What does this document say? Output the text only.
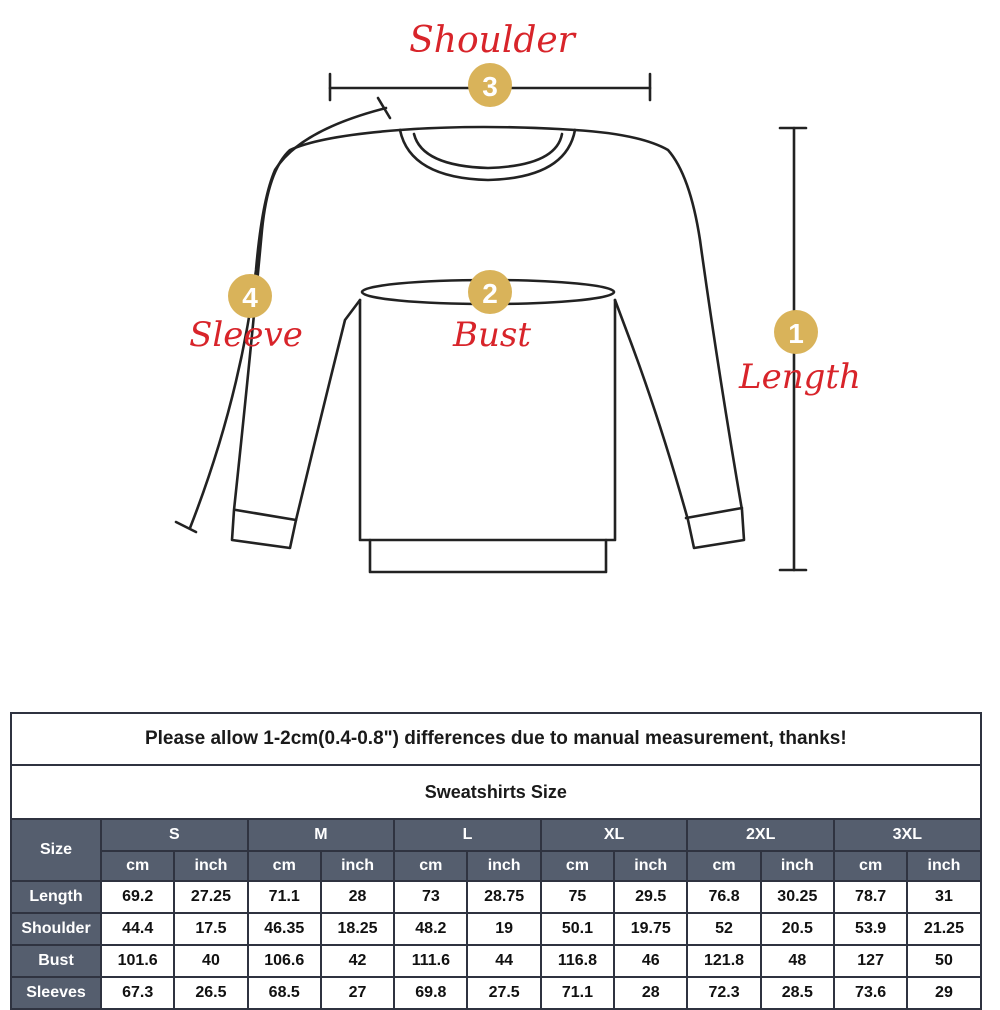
3
2
4
1
Shoulder
Bust
Sleeve
Length
Please allow 1-2cm(0.4-0.8") differences due to manual measurement, thanks!												
Sweatshirts Size												
Size	S		M		L		XL		2XL		3XL	
	cm	inch	cm	inch	cm	inch	cm	inch	cm	inch	cm	inch
Length	69.2	27.25	71.1	28	73	28.75	75	29.5	76.8	30.25	78.7	31
Shoulder	44.4	17.5	46.35	18.25	48.2	19	50.1	19.75	52	20.5	53.9	21.25
Bust	101.6	40	106.6	42	111.6	44	116.8	46	121.8	48	127	50
Sleeves	67.3	26.5	68.5	27	69.8	27.5	71.1	28	72.3	28.5	73.6	29
